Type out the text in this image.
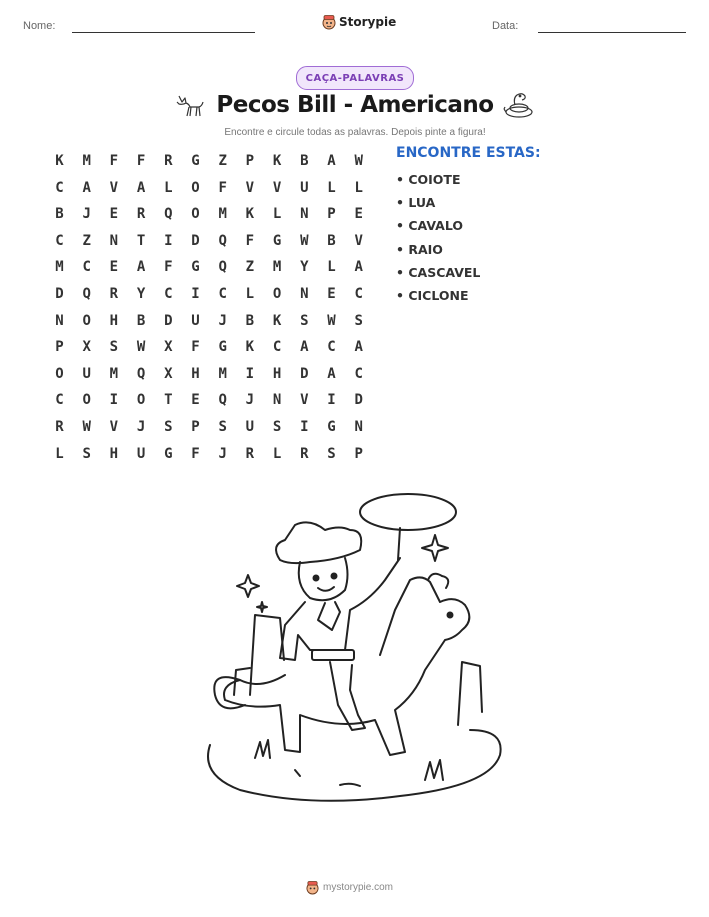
Nome:	Storypie	Data:
CAÇA-PALAVRAS
Pecos Bill - Americano
Encontre e circule todas as palavras. Depois pinte a figura!
K	M	F	F	R	G	Z	P	K	B	A	W
C	A	V	A	L	O	F	V	V	U	L	L
B	J	E	R	Q	O	M	K	L	N	P	E
C	Z	N	T	I	D	Q	F	G	W	B	V
M	C	E	A	F	G	Q	Z	M	Y	L	A
D	Q	R	Y	C	I	C	L	O	N	E	C
N	O	H	B	D	U	J	B	K	S	W	S
P	X	S	W	X	F	G	K	C	A	C	A
O	U	M	Q	X	H	M	I	H	D	A	C
C	O	I	O	T	E	Q	J	N	V	I	D
R	W	V	J	S	P	S	U	S	I	G	N
L	S	H	U	G	F	J	R	L	R	S	P
ENCONTRE ESTAS:
• COIOTE
• LUA
• CAVALO
• RAIO
• CASCAVEL
• CICLONE
mystorypie.com
